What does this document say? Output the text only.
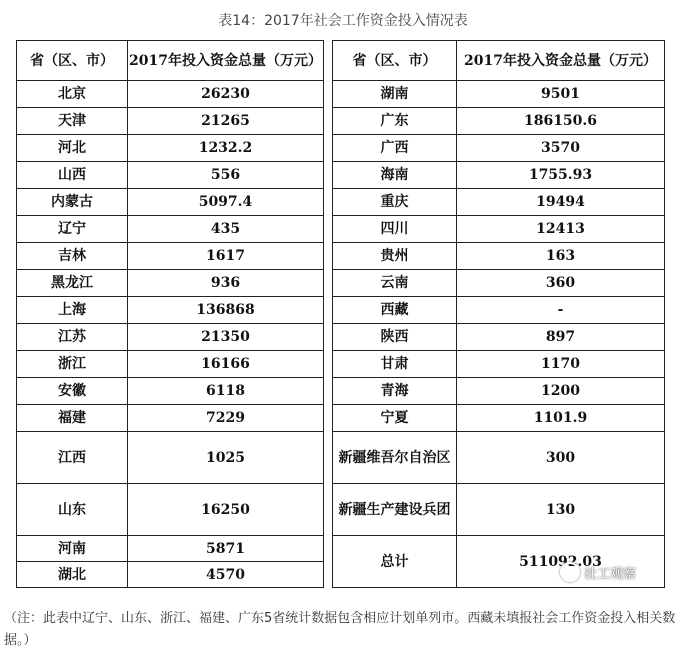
表14：2017年社会工作资金投入情况表
省（区、市）	2017年投入资金总量（万元）
北京	26230
天津	21265
河北	1232.2
山西	556
内蒙古	5097.4
辽宁	435
吉林	1617
黑龙江	936
上海	136868
江苏	21350
浙江	16166
安徽	6118
福建	7229
江西	1025
山东	16250
河南	5871
湖北	4570
省（区、市）	2017年投入资金总量（万元）
湖南	9501
广东	186150.6
广西	3570
海南	1755.93
重庆	19494
四川	12413
贵州	163
云南	360
西藏	-
陕西	897
甘肃	1170
青海	1200
宁夏	1101.9
新疆维吾尔自治区	300
新疆生产建设兵团	130
总计	511092.03
社工观察
（注：此表中辽宁、山东、浙江、福建、广东5省统计数据包含相应计划单列市。西藏未填报社会工作资金投入相关数据。）
